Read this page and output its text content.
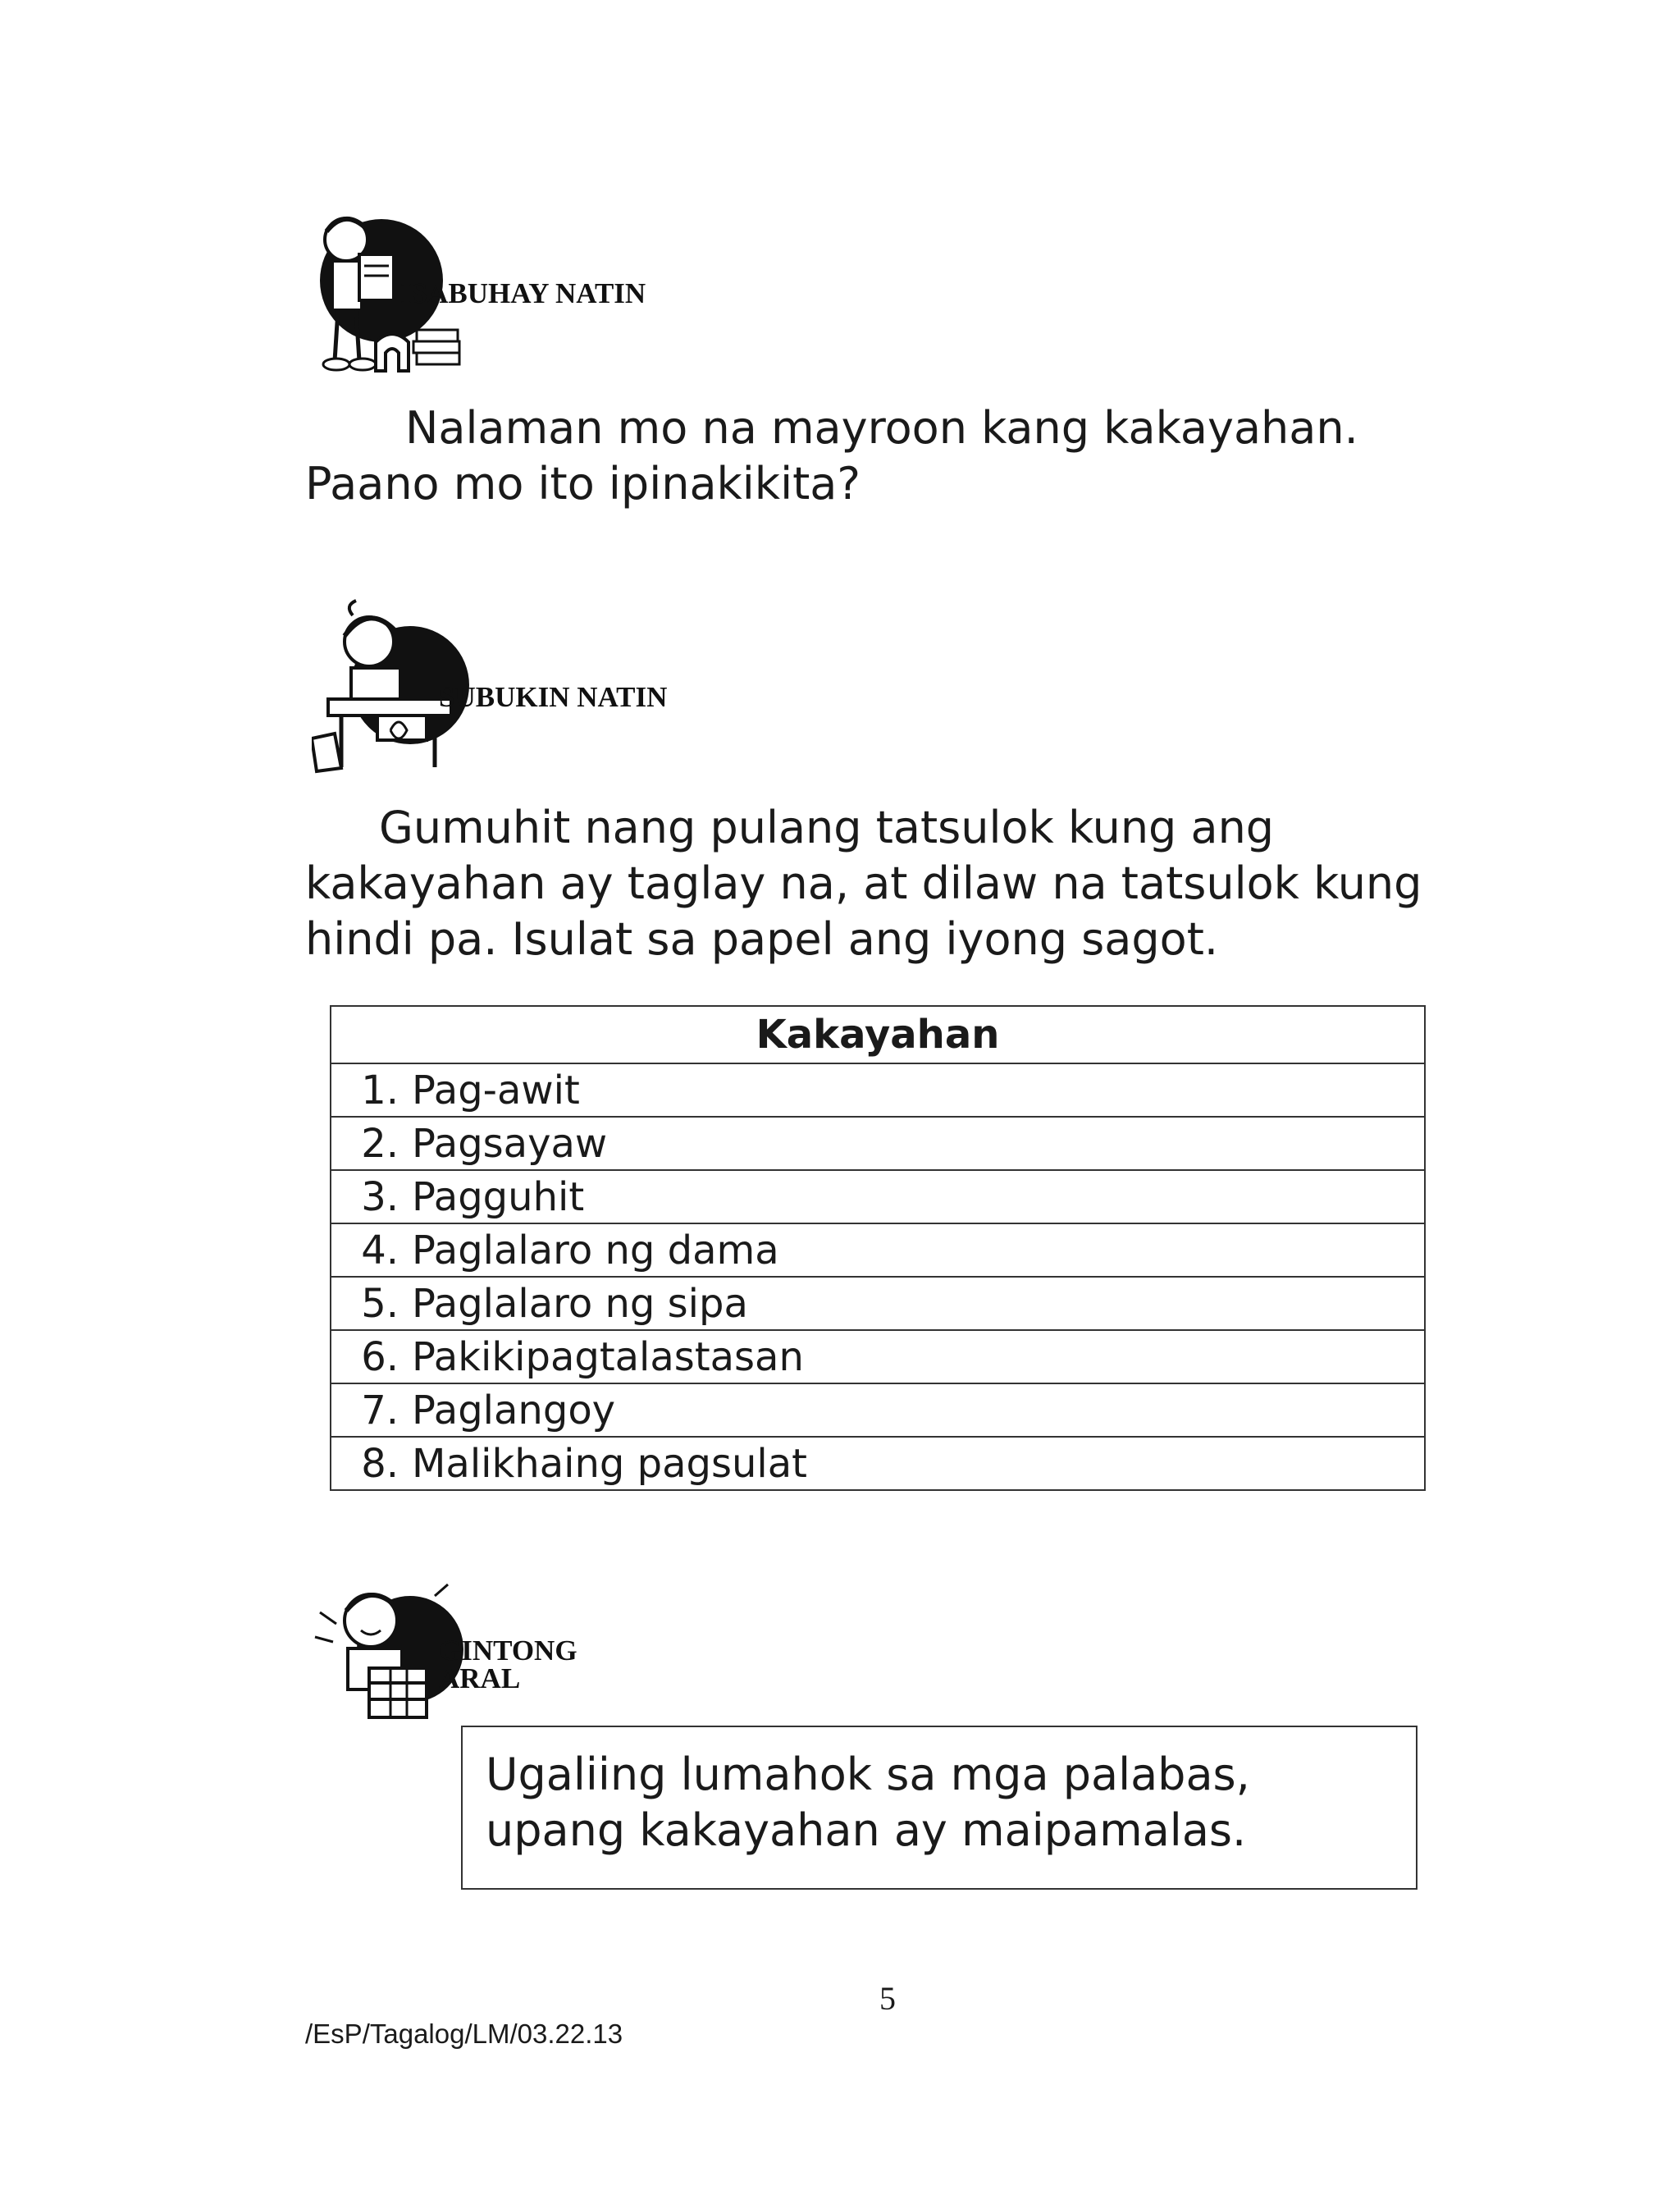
ISABUHAY NATIN
Nalaman mo na mayroon kang kakayahan.
Paano mo ito ipinakikita?
SUBUKIN NATIN
Gumuhit nang pulang tatsulok kung ang
kakayahan ay taglay na, at dilaw na tatsulok kung
hindi pa. Isulat sa papel ang iyong sagot.
Kakayahan
1. Pag-awit
2. Pagsayaw
3. Pagguhit
4. Paglalaro ng dama
5. Paglalaro ng sipa
6. Pakikipagtalastasan
7. Paglangoy
8. Malikhaing pagsulat
GINTONG
ARAL
Ugaliing lumahok sa mga palabas,
upang kakayahan ay maipamalas.
5
/EsP/Tagalog/LM/03.22.13
